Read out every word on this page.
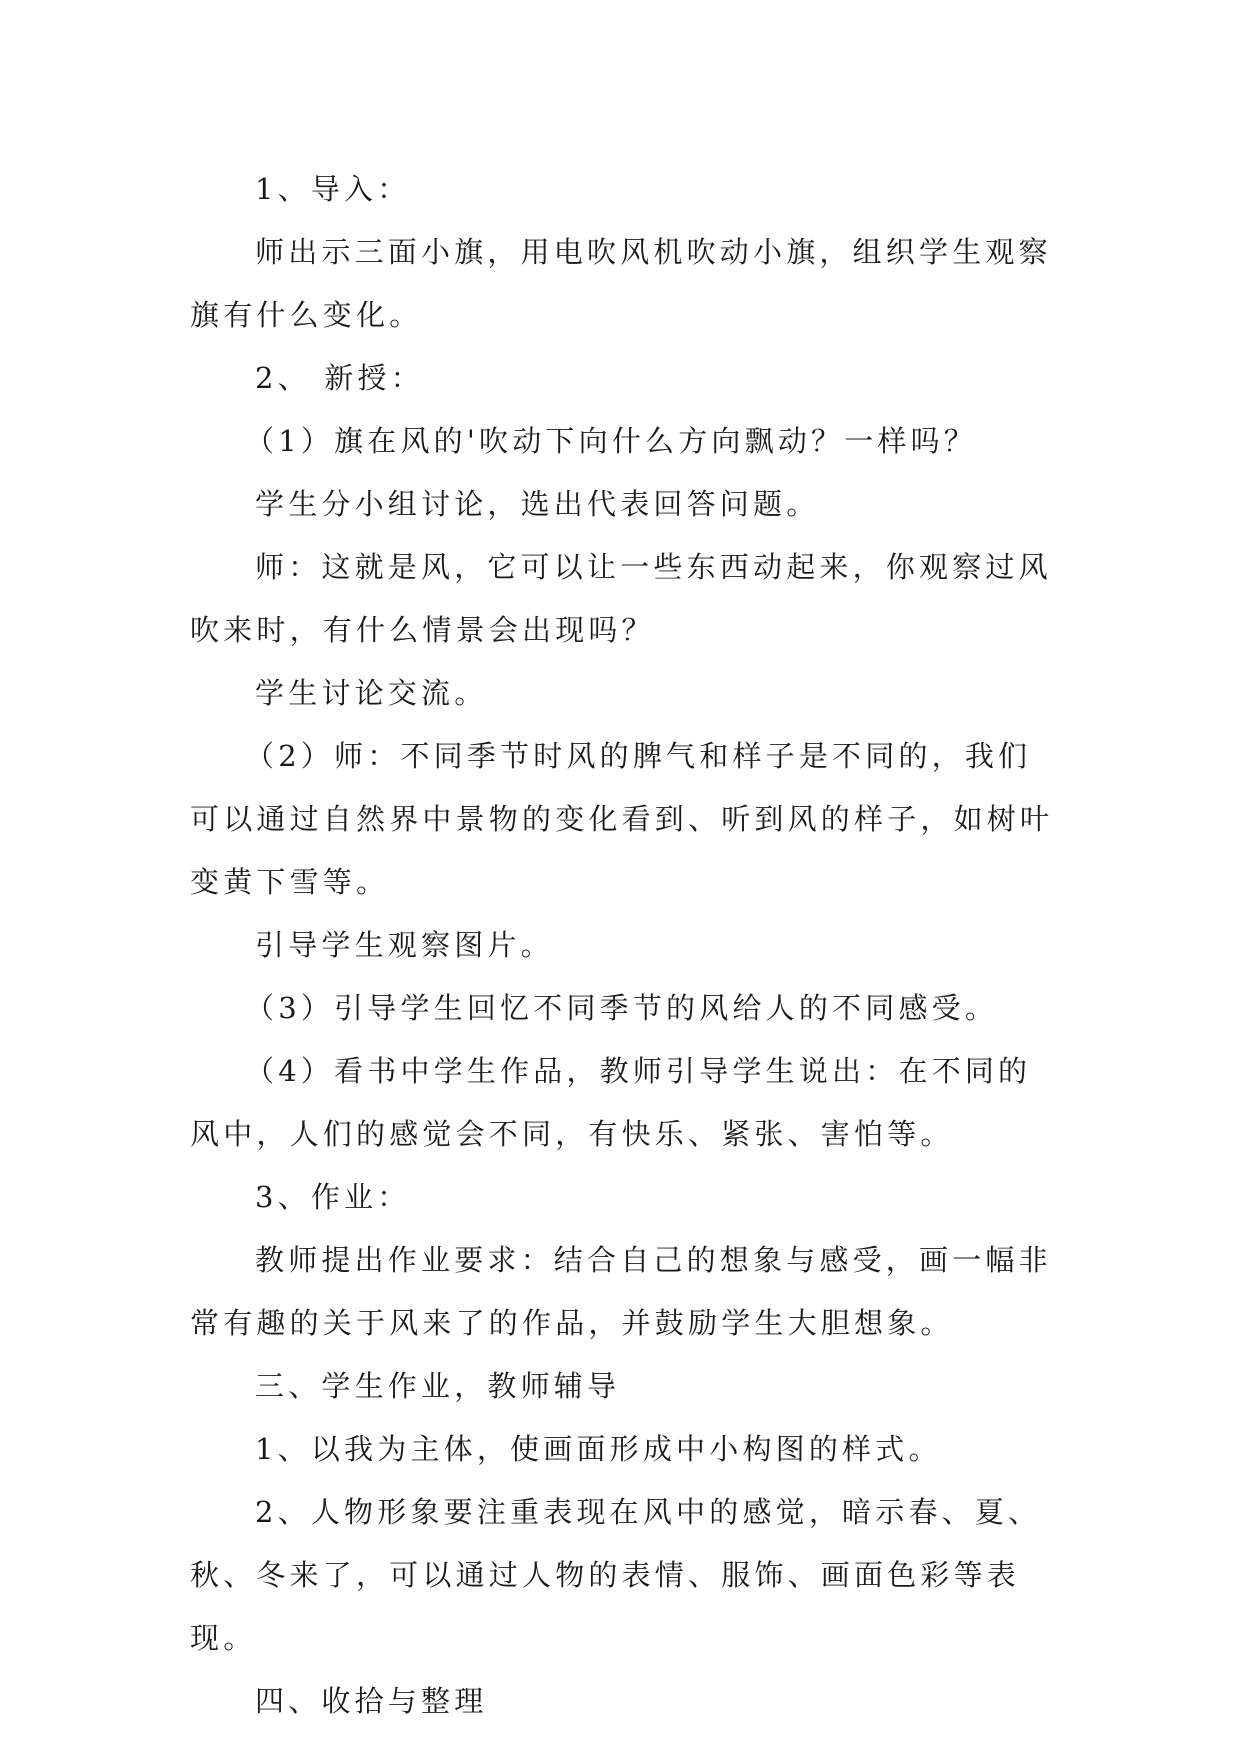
1、导入：

师出示三面小旗，用电吹风机吹动小旗，组织学生观察旗有什么变化。

2、 新授：

（1）旗在风的'吹动下向什么方向飘动？一样吗？

学生分小组讨论，选出代表回答问题。

师：这就是风，它可以让一些东西动起来，你观察过风吹来时，有什么情景会出现吗？

学生讨论交流。

（2）师：不同季节时风的脾气和样子是不同的，我们可以通过自然界中景物的变化看到、听到风的样子，如树叶变黄下雪等。

引导学生观察图片。

（3）引导学生回忆不同季节的风给人的不同感受。

（4）看书中学生作品，教师引导学生说出：在不同的风中，人们的感觉会不同，有快乐、紧张、害怕等。

3、作业：

教师提出作业要求：结合自己的想象与感受，画一幅非常有趣的关于风来了的作品，并鼓励学生大胆想象。

三、学生作业，教师辅导

1、以我为主体，使画面形成中小构图的样式。

2、人物形象要注重表现在风中的感觉，暗示春、夏、秋、冬来了，可以通过人物的表情、服饰、画面色彩等表现。

四、收拾与整理
